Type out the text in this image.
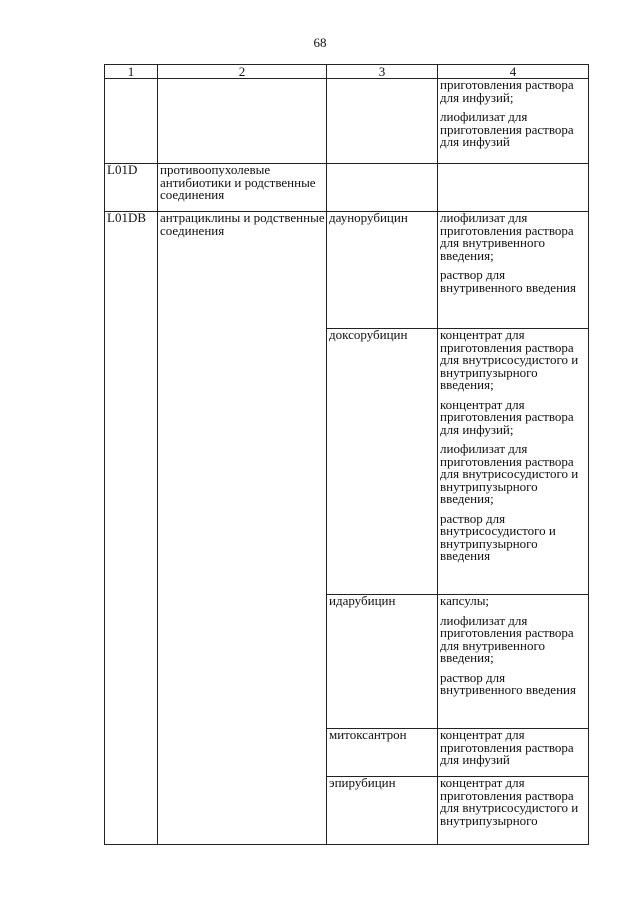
68
1	2	3	4

			приготовления раствора для инфузий;
лиофилизат для приготовления раствора для инфузий

L01D	противоопухолевые антибиотики и родственные соединения		
L01DB	антрациклины и родственные соединения	даунорубицин	лиофилизат для приготовления раствора для внутривенного введения;
раствор для внутривенного введения

		доксорубицин	концентрат для приготовления раствора для внутрисосудистого и внутрипузырного введения;
концентрат для приготовления раствора для инфузий;
лиофилизат для приготовления раствора для внутрисосудистого и внутрипузырного введения;
раствор для внутрисосудистого и внутрипузырного введения

		идарубицин	капсулы;
лиофилизат для приготовления раствора для внутривенного введения;
раствор для внутривенного введения

		митоксантрон	концентрат для приготовления раствора для инфузий

		эпирубицин	концентрат для приготовления раствора для внутрисосудистого и внутрипузырного
